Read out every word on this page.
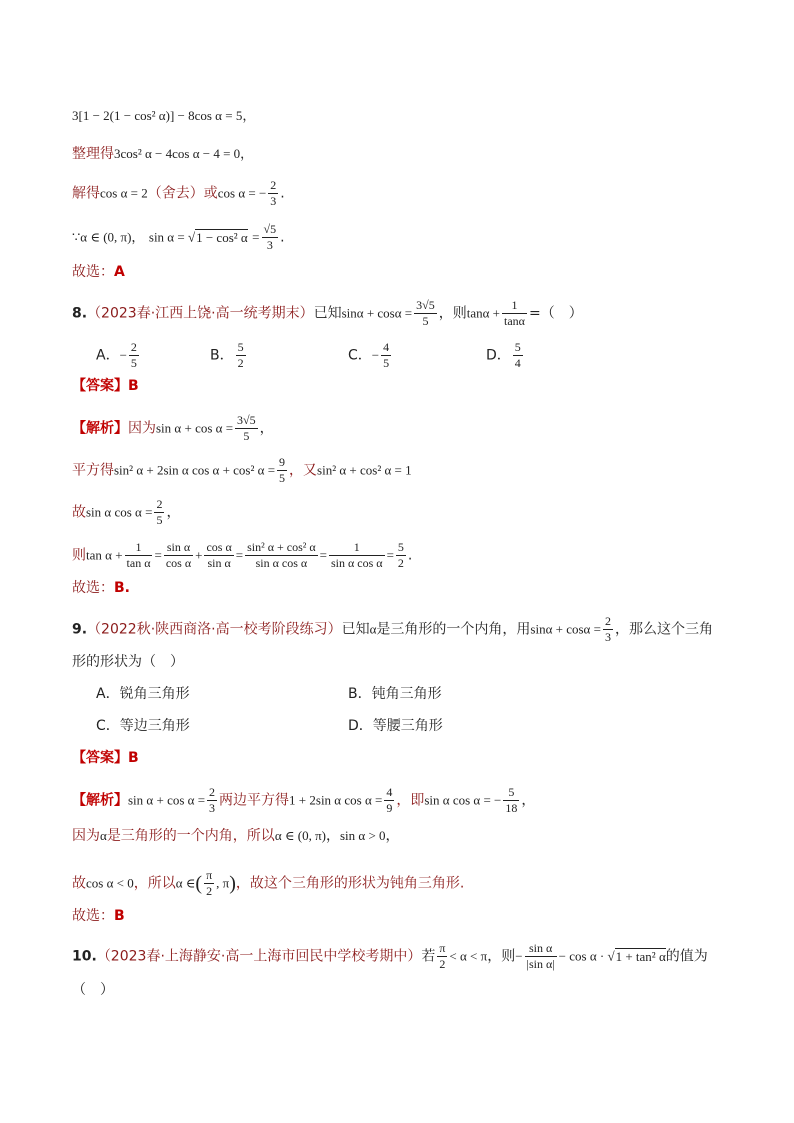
3[1 − 2(1 − cos² α)] − 8cos α = 5，
整理得3cos² α − 4cos α − 4 = 0，
解得cos α = 2（舍去）或cos α = − $\frac{2}{3}$ .
∵α ∈ (0, π)， sin α = √1 − cos² $\alpha = \frac{√5}{3}$ .
故选：A
8.（2023春·江西上饶·高一统考期末）已知$\sin\alpha + \cos\alpha = \frac{3√5}{5}$ ，则$\tan\alpha + \frac{1}{\tan\alpha}$ =（　）
A．− $\frac{2}{5}$	B． $\frac{5}{2}$	C．− $\frac{4}{5}$	D． $\frac{5}{4}$
【答案】B
【解析】因为$\sin \alpha + \cos \alpha = \frac{3√5}{5}$ ，
平方得sin² α + 2sin α cos α + cos² $\alpha = \frac{9}{5}$ ，又sin² α + cos² α = 1
故sin α $\cos \alpha = \frac{2}{5}$ ，
则$\tan \alpha + \frac{1}{\text{tan α}} = \frac{\text{sin α}}{\text{cos α}} + \frac{\text{cos α}}{\text{sin α}} = \frac{\text{sin² α + cos² α}}{\text{sin α cos α}} = \frac{1}{\text{sin α cos α}} = \frac{5}{2}$ .
故选：B.
9.（2022秋·陕西商洛·高一校考阶段练习）已知α是三角形的一个内角，用$\sin\alpha + \cos\alpha = \frac{2}{3}$ ，那么这个三角
形的形状为（　）
A．锐角三角形	B．钝角三角形
C．等边三角形	D．等腰三角形
【答案】B
【解析】$\sin \alpha + \cos \alpha = \frac{2}{3}$ 两边平方得1 + 2sin α $\cos \alpha = \frac{4}{9}$ ，即sin α cos α = − $\frac{5}{18}$ ，
因为α是三角形的一个内角，所以α ∈ (0, π)，sin α > 0，
故cos α < 0，所以α ∈( $\frac{\pi}{2}$ , π)，故这个三角形的形状为钝角三角形.
故选：B
10.（2023春·上海静安·高一上海市回民中学校考期中）若 $\frac{\pi}{2} < \alpha < \pi$，则− $\frac{\text{sin α}}{\text{|sin α|}} - \cos \alpha \cdot √1 + \tan^2$ α的值为
（　）
